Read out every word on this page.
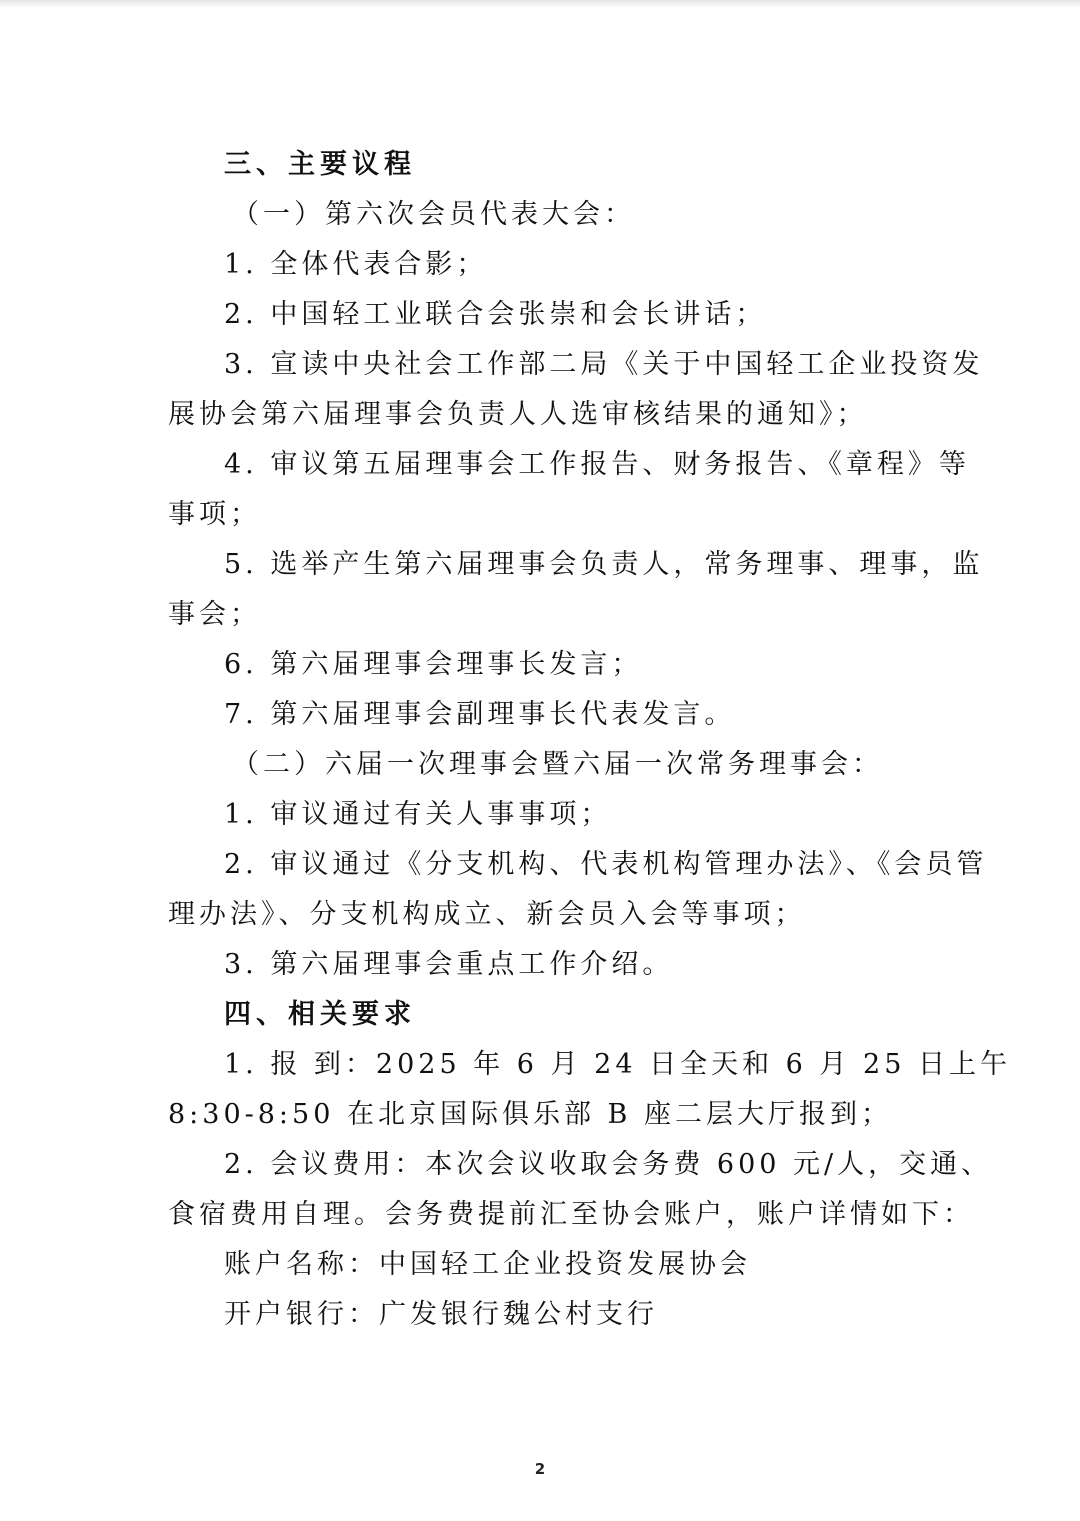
三、主要议程
（一）第六次会员代表大会：
1. 全体代表合影；
2. 中国轻工业联合会张崇和会长讲话；
3. 宣读中央社会工作部二局《关于中国轻工企业投资发
展协会第六届理事会负责人人选审核结果的通知》；
4. 审议第五届理事会工作报告、财务报告、《章程》等
事项；
5. 选举产生第六届理事会负责人，常务理事、理事，监
事会；
6. 第六届理事会理事长发言；
7. 第六届理事会副理事长代表发言。
（二）六届一次理事会暨六届一次常务理事会：
1. 审议通过有关人事事项；
2. 审议通过《分支机构、代表机构管理办法》、《会员管
理办法》、分支机构成立、新会员入会等事项；
3. 第六届理事会重点工作介绍。
四、相关要求
1. 报 到：2025 年 6 月 24 日全天和 6 月 25 日上午
8:30-8:50 在北京国际俱乐部 B 座二层大厅报到；
2. 会议费用：本次会议收取会务费 600 元/人，交通、
食宿费用自理。会务费提前汇至协会账户，账户详情如下：
账户名称：中国轻工企业投资发展协会
开户银行：广发银行魏公村支行
2
